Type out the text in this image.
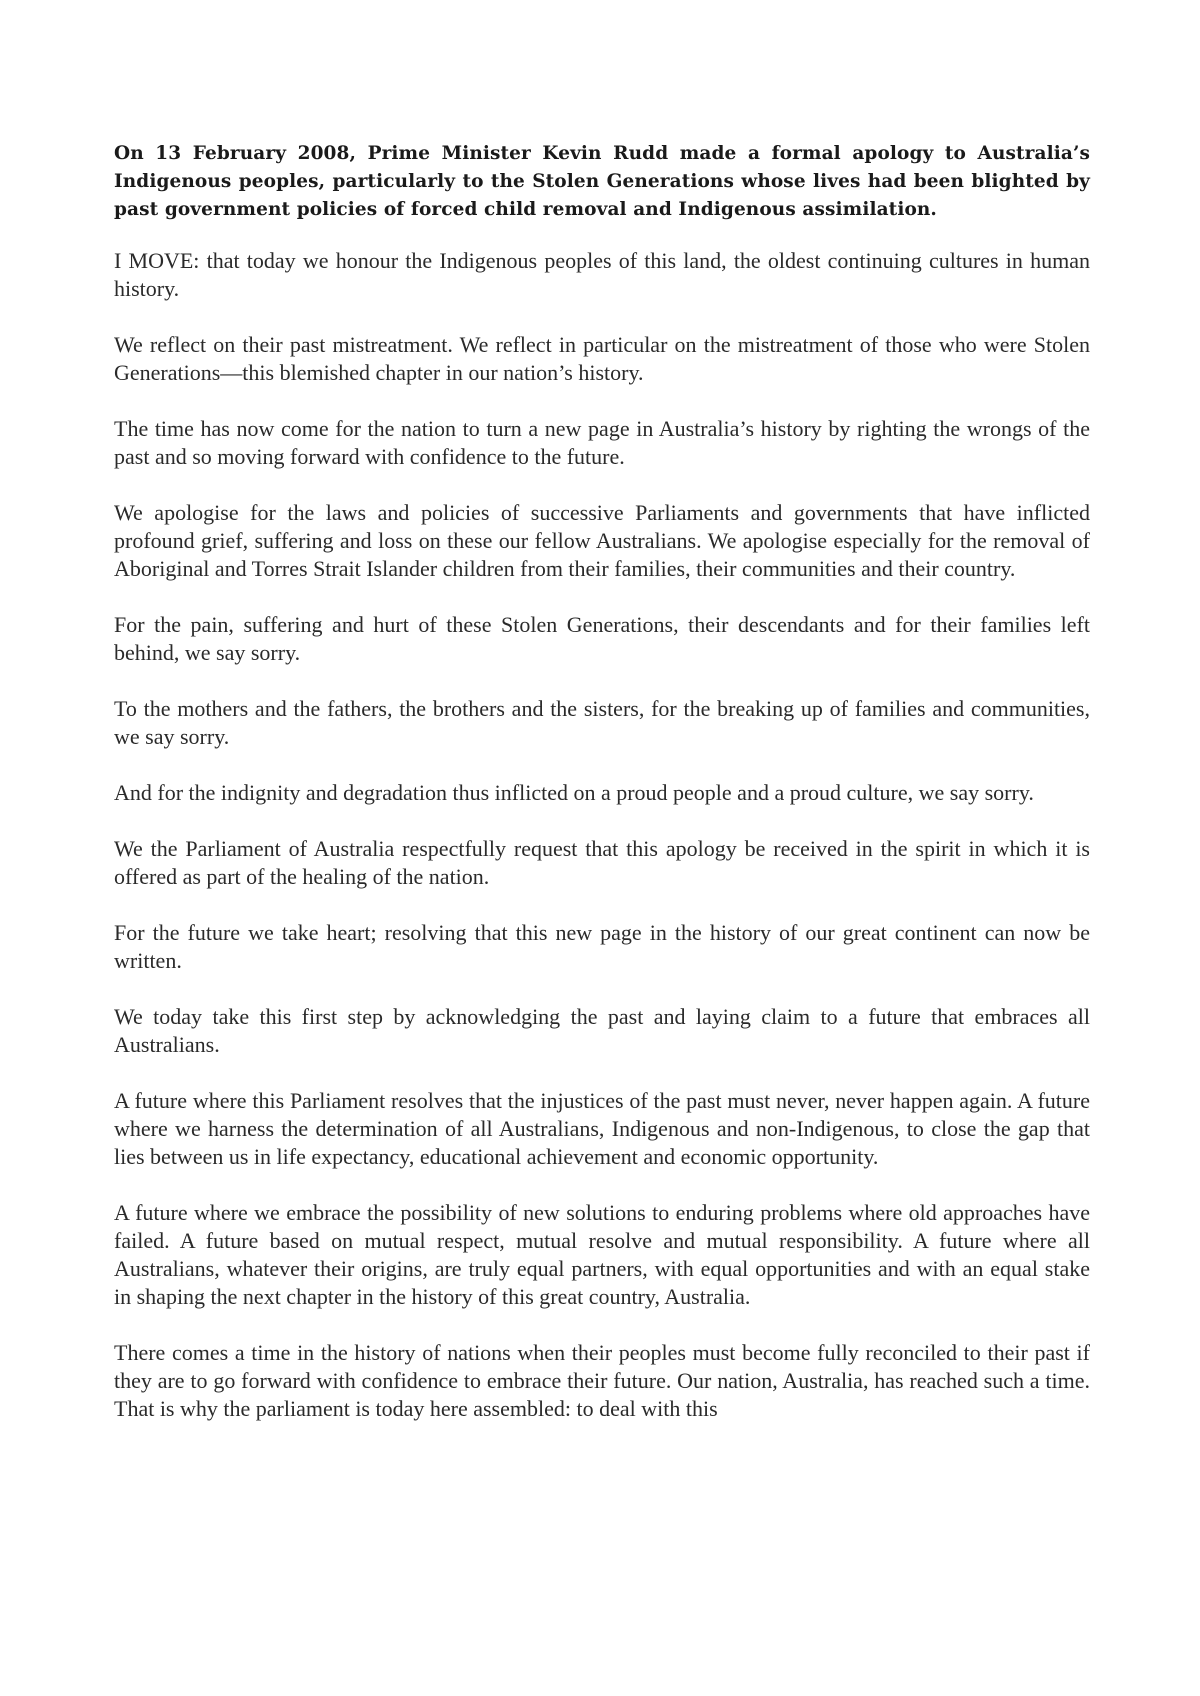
On 13 February 2008, Prime Minister Kevin Rudd made a formal apology to Australia’s Indigenous peoples, particularly to the Stolen Generations whose lives had been blighted by past government policies of forced child removal and Indigenous assimilation.

I MOVE: that today we honour the Indigenous peoples of this land, the oldest continuing cultures in human history.

We reflect on their past mistreatment. We reflect in particular on the mistreatment of those who were Stolen Generations—this blemished chapter in our nation’s history.

The time has now come for the nation to turn a new page in Australia’s history by righting the wrongs of the past and so moving forward with confidence to the future.

We apologise for the laws and policies of successive Parliaments and governments that have inflicted profound grief, suffering and loss on these our fellow Australians. We apologise especially for the removal of Aboriginal and Torres Strait Islander children from their families, their communities and their country.

For the pain, suffering and hurt of these Stolen Generations, their descendants and for their families left behind, we say sorry.

To the mothers and the fathers, the brothers and the sisters, for the breaking up of families and communities, we say sorry.

And for the indignity and degradation thus inflicted on a proud people and a proud culture, we say sorry.

We the Parliament of Australia respectfully request that this apology be received in the spirit in which it is offered as part of the healing of the nation.

For the future we take heart; resolving that this new page in the history of our great continent can now be written.

We today take this first step by acknowledging the past and laying claim to a future that embraces all Australians.

A future where this Parliament resolves that the injustices of the past must never, never happen again. A future where we harness the determination of all Australians, Indigenous and non-Indigenous, to close the gap that lies between us in life expectancy, educational achievement and economic opportunity.

A future where we embrace the possibility of new solutions to enduring problems where old approaches have failed. A future based on mutual respect, mutual resolve and mutual responsibility. A future where all Australians, whatever their origins, are truly equal partners, with equal opportunities and with an equal stake in shaping the next chapter in the history of this great country, Australia.

There comes a time in the history of nations when their peoples must become fully reconciled to their past if they are to go forward with confidence to embrace their future. Our nation, Australia, has reached such a time. That is why the parliament is today here assembled: to deal with this
